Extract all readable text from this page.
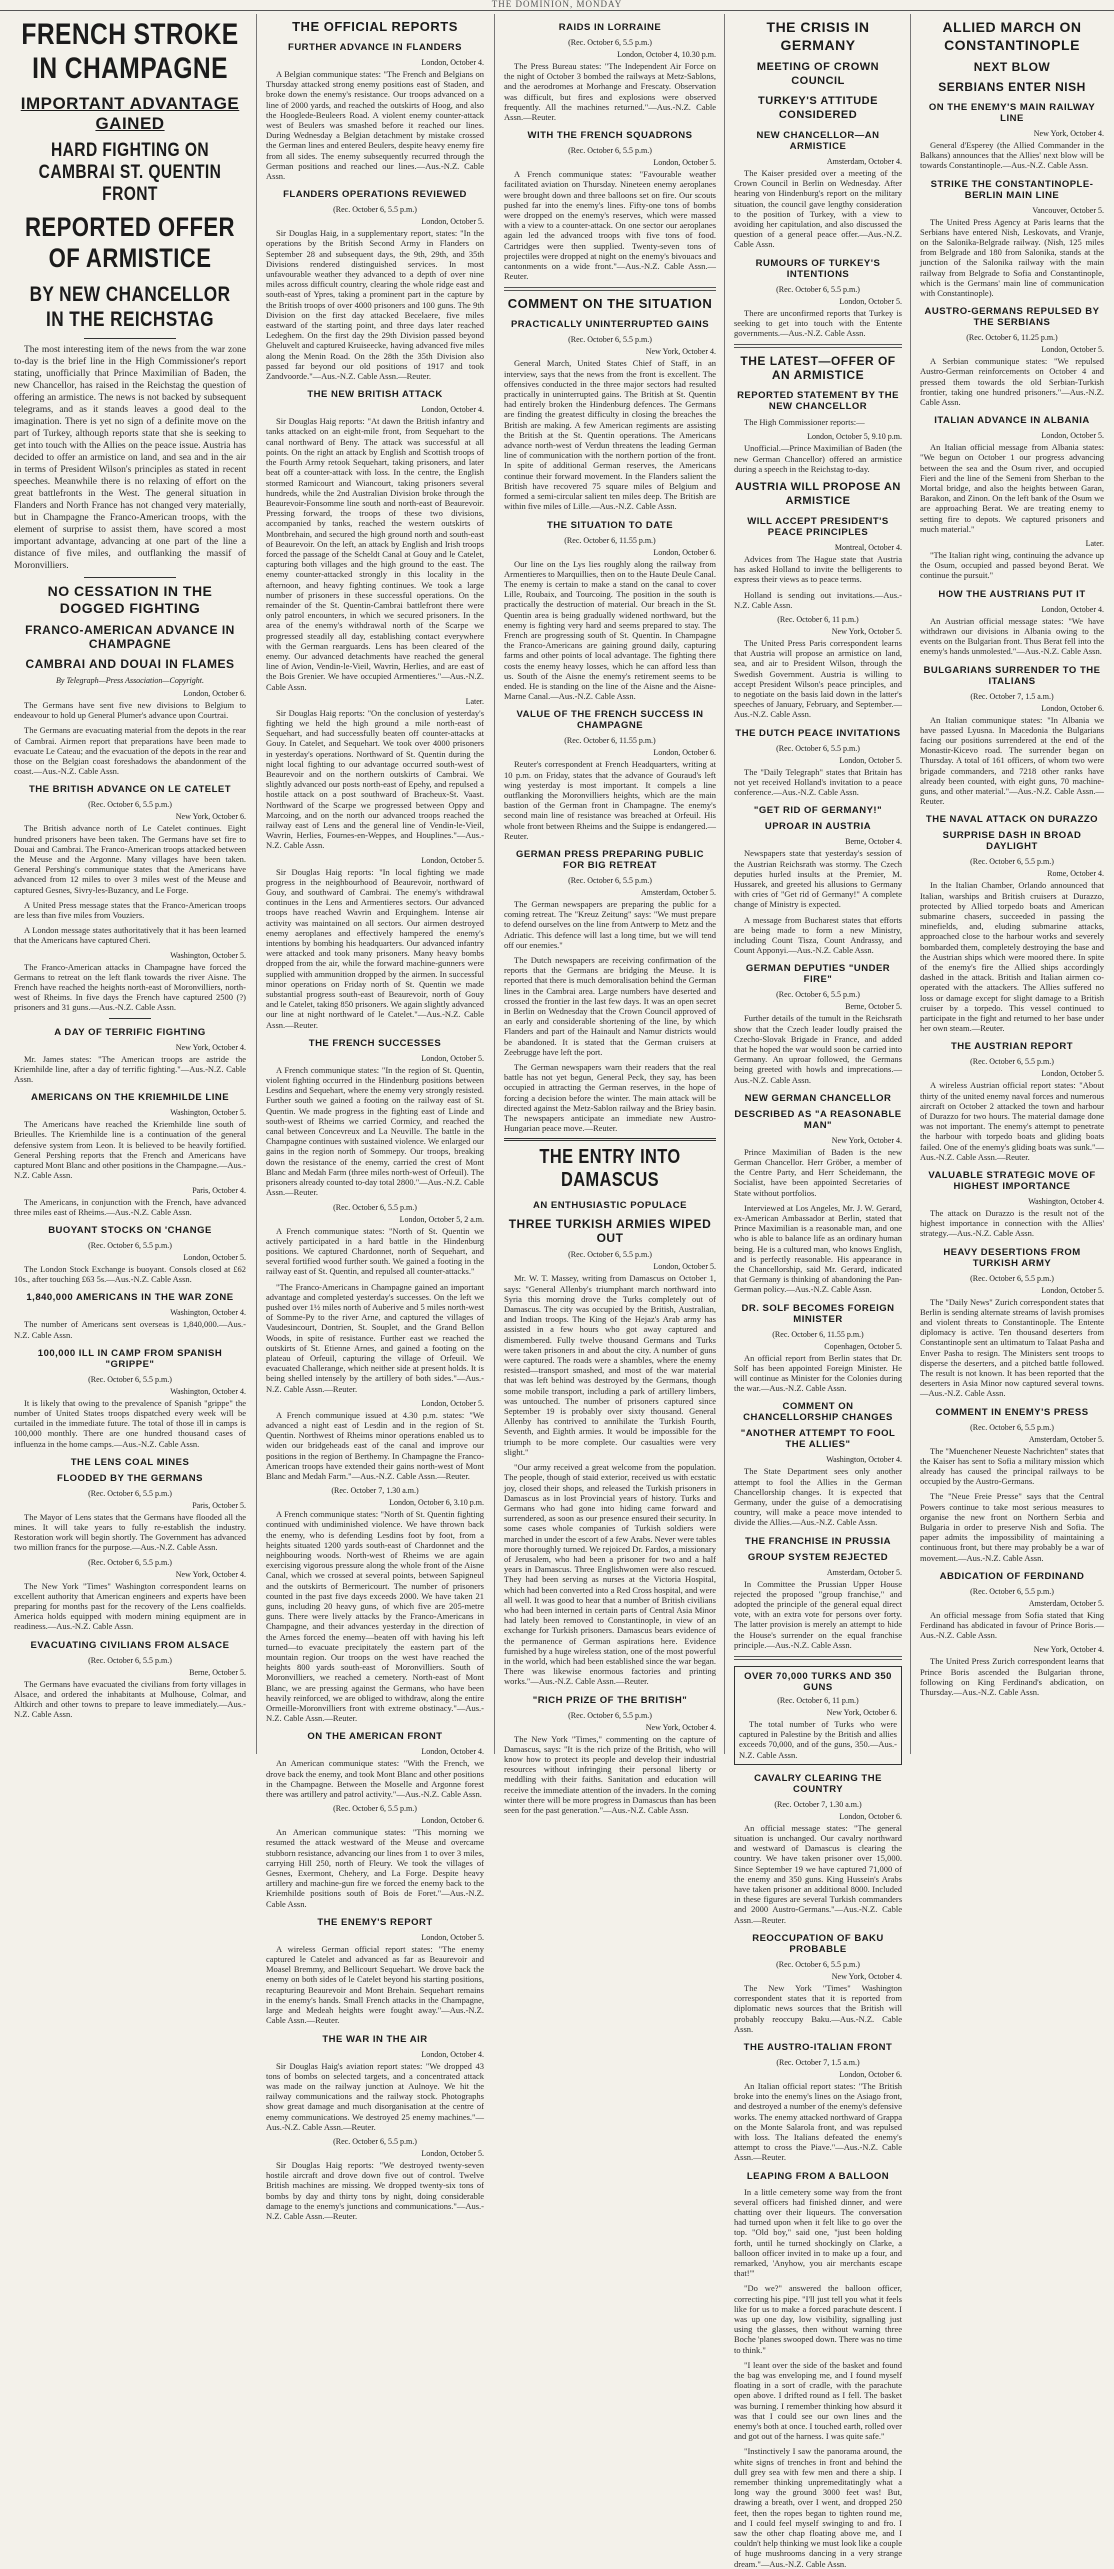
THE DOMINION, MONDAY
FRENCH STROKE IN CHAMPAGNE
IMPORTANT ADVANTAGE GAINED
HARD FIGHTING ON CAMBRAI ST. QUENTIN FRONT
REPORTED OFFER OF ARMISTICE
BY NEW CHANCELLOR IN THE REICHSTAG

The most interesting item of the news from the war zone to-day is the brief line in the High Commissioner's report stating, unofficially that Prince Maximilian of Baden, the new Chancellor, has raised in the Reichstag the question of offering an armistice. The news is not backed by subsequent telegrams, and as it stands leaves a good deal to the imagination. There is yet no sign of a definite move on the part of Turkey, although reports state that she is seeking to get into touch with the Allies on the peace issue. Austria has decided to offer an armistice on land, and sea and in the air in terms of President Wilson's principles as stated in recent speeches. Meanwhile there is no relaxing of effort on the great battlefronts in the West. The general situation in Flanders and North France has not changed very materially, but in Champagne the Franco-American troops, with the element of surprise to assist them, have scored a most important advantage, advancing at one part of the line a distance of five miles, and outflanking the massif of Moronvilliers.

NO CESSATION IN THE DOGGED FIGHTING
FRANCO-AMERICAN ADVANCE IN CHAMPAGNE
CAMBRAI AND DOUAI IN FLAMES
By Telegraph—Press Association—Copyright.
London, October 6.

The Germans have sent five new divisions to Belgium to endeavour to hold up General Plumer's advance upon Courtrai.

The Germans are evacuating material from the depots in the rear of Cambrai. Airmen report that preparations have been made to evacuate Le Cateau; and the evacuation of the depots in the rear and those on the Belgian coast foreshadows the abandonment of the coast.—Aus.-N.Z. Cable Assn.

THE BRITISH ADVANCE ON LE CATELET
(Rec. October 6, 5.5 p.m.)
New York, October 6.

The British advance north of Le Catelet continues. Eight hundred prisoners have been taken. The Germans have set fire to Douai and Cambrai. The Franco-American troops attacked between the Meuse and the Argonne. Many villages have been taken. General Pershing's communique states that the Americans have advanced from 12 miles to over 3 miles west of the Meuse and captured Gesnes, Sivry-les-Buzancy, and Le Forge.

A United Press message states that the Franco-American troops are less than five miles from Vouziers.

A London message states authoritatively that it has been learned that the Americans have captured Cheri.

Washington, October 5.

The Franco-American attacks in Champagne have forced the Germans to retreat on the left flank towards the river Aisne. The French have reached the heights north-east of Moronvilliers, north-west of Rheims. In five days the French have captured 2500 (?) prisoners and 31 guns.—Aus.-N.Z. Cable Assn.

A DAY OF TERRIFIC FIGHTING
New York, October 4.

Mr. James states: "The American troops are astride the Kriemhilde line, after a day of terrific fighting."—Aus.-N.Z. Cable Assn.

AMERICANS ON THE KRIEMHILDE LINE
Washington, October 5.

The Americans have reached the Kriemhilde line south of Brieulles. The Kriemhilde line is a continuation of the general defensive system from Leon. It is believed to be heavily fortified. General Pershing reports that the French and Americans have captured Mont Blanc and other positions in the Champagne.—Aus.-N.Z. Cable Assn.

Paris, October 4.

The Americans, in conjunction with the French, have advanced three miles east of Rheims.—Aus.-N.Z. Cable Assn.

BUOYANT STOCKS ON 'CHANGE
(Rec. October 6, 5.5 p.m.)
London, October 5.

The London Stock Exchange is buoyant. Consols closed at £62 10s., after touching £63 5s.—Aus.-N.Z. Cable Assn.

1,840,000 AMERICANS IN THE WAR ZONE
Washington, October 4.

The number of Americans sent overseas is 1,840,000.—Aus.-N.Z. Cable Assn.

100,000 ILL IN CAMP FROM SPANISH "GRIPPE"
(Rec. October 6, 5.5 p.m.)
Washington, October 4.

It is likely that owing to the prevalence of Spanish "grippe" the number of United States troops dispatched every week will be curtailed in the immediate future. The total of those ill in camps is 100,000 monthly. There are one hundred thousand cases of influenza in the home camps.—Aus.-N.Z. Cable Assn.

THE LENS COAL MINES
FLOODED BY THE GERMANS
(Rec. October 6, 5.5 p.m.)
Paris, October 5.

The Mayor of Lens states that the Germans have flooded all the mines. It will take years to fully re-establish the industry. Restoration work will begin shortly. The Government has advanced two million francs for the purpose.—Aus.-N.Z. Cable Assn.

(Rec. October 6, 5.5 p.m.)
New York, October 4.

The New York "Times" Washington correspondent learns on excellent authority that American engineers and experts have been preparing for months past for the recovery of the Lens coalfields. America holds equipped with modern mining equipment are in readiness.—Aus.-N.Z. Cable Assn.

EVACUATING CIVILIANS FROM ALSACE
(Rec. October 6, 5.5 p.m.)
Berne, October 5.

The Germans have evacuated the civilians from forty villages in Alsace, and ordered the inhabitants at Mulhouse, Colmar, and Altkirch and other towns to prepare to leave immediately.—Aus.-N.Z. Cable Assn.

THE OFFICIAL REPORTS
FURTHER ADVANCE IN FLANDERS
London, October 4.

A Belgian communique states: "The French and Belgians on Thursday attacked strong enemy positions east of Staden, and broke down the enemy's resistance. Our troops advanced on a line of 2000 yards, and reached the outskirts of Hoog, and also the Hooglede-Beuleers Road. A violent enemy counter-attack west of Beulers was smashed before it reached our lines. During Wednesday a Belgian detachment by mistake crossed the German lines and entered Beulers, despite heavy enemy fire from all sides. The enemy subsequently recurred through the German positions and reached our lines.—Aus.-N.Z. Cable Assn.

FLANDERS OPERATIONS REVIEWED
(Rec. October 6, 5.5 p.m.)
London, October 5.

Sir Douglas Haig, in a supplementary report, states: "In the operations by the British Second Army in Flanders on September 28 and subsequent days, the 9th, 29th, and 35th Divisions rendered distinguished services. In most unfavourable weather they advanced to a depth of over nine miles across difficult country, clearing the whole ridge east and south-east of Ypres, taking a prominent part in the capture by the British troops of over 4000 prisoners and 100 guns. The 9th Division on the first day attacked Becelaere, five miles eastward of the starting point, and three days later reached Ledeghem. On the first day the 29th Division passed beyond Gheluvelt and captured Kruiseecke, having advanced five miles along the Menin Road. On the 28th the 35th Division also passed far beyond our old positions of 1917 and took Zandvoorde."—Aus.-N.Z. Cable Assn.—Reuter.

THE NEW BRITISH ATTACK
London, October 4.

Sir Douglas Haig reports: "At dawn the British infantry and tanks attacked on an eight-mile front, from Sequehart to the canal northward of Beny. The attack was successful at all points. On the right an attack by English and Scottish troops of the Fourth Army retook Sequehart, taking prisoners, and later beat off a counter-attack with loss. In the centre, the English stormed Ramicourt and Wiancourt, taking prisoners several hundreds, while the 2nd Australian Division broke through the Beaurevoir-Fonsomme line south and north-east of Beaurevoir. Pressing forward, the troops of these two divisions, accompanied by tanks, reached the western outskirts of Montbrehain, and secured the high ground north and south-east of Beaurevoir. On the left, an attack by English and Irish troops forced the passage of the Scheldt Canal at Gouy and le Catelet, capturing both villages and the high ground to the east. The enemy counter-attacked strongly in this locality in the afternoon, and heavy fighting continues. We took a large number of prisoners in these successful operations. On the remainder of the St. Quentin-Cambrai battlefront there were only patrol encounters, in which we secured prisoners. In the area of the enemy's withdrawal north of the Scarpe we progressed steadily all day, establishing contact everywhere with the German rearguards. Lens has been cleared of the enemy. Our advanced detachments have reached the general line of Avion, Vendin-le-Vieil, Wavrin, Herlies, and are east of the Bois Grenier. We have occupied Armentieres."—Aus.-N.Z. Cable Assn.

Later.

Sir Douglas Haig reports: "On the conclusion of yesterday's fighting we held the high ground a mile north-east of Sequehart, and had successfully beaten off counter-attacks at Gouy. In Catelet, and Sequehart. We took over 4000 prisoners in yesterday's operations. Northward of St. Quentin during the night local fighting to our advantage occurred south-west of Beaurevoir and on the northern outskirts of Cambrai. We slightly advanced our posts north-east of Epehy, and repulsed a hostile attack on a post southward of Bracheux-St. Vaast. Northward of the Scarpe we progressed between Oppy and Marcoing, and on the north our advanced troops reached the railway east of Lens and the general line of Vendin-le-Vieil, Wavrin, Herlies, Fournes-en-Weppes, and Houplines."—Aus.-N.Z. Cable Assn.

London, October 5.

Sir Douglas Haig reports: "In local fighting we made progress in the neighbourhood of Beaurevoir, northward of Gouy, and southward of Cambrai. The enemy's withdrawal continues in the Lens and Armentieres sectors. Our advanced troops have reached Wavrin and Erquinghem. Intense air activity was maintained on all sectors. Our airmen destroyed enemy aeroplanes and effectively hampered the enemy's intentions by bombing his headquarters. Our advanced infantry were attacked and took many prisoners. Many heavy bombs dropped from the air, while the forward machine-gunners were supplied with ammunition dropped by the airmen. In successful minor operations on Friday north of St. Quentin we made substantial progress south-east of Beaurevoir, north of Gouy and le Catelet, taking 850 prisoners. We again slightly advanced our line at night northward of le Catelet."—Aus.-N.Z. Cable Assn.—Reuter.

THE FRENCH SUCCESSES
London, October 5.

A French communique states: "In the region of St. Quentin, violent fighting occurred in the Hindenburg positions between Lesdins and Sequehart, where the enemy very strongly resisted. Further south we gained a footing on the railway east of St. Quentin. We made progress in the fighting east of Linde and south-west of Rheims we carried Cormicy, and reached the canal between Concevreux and La Neuville. The battle in the Champagne continues with sustained violence. We enlarged our gains in the region north of Sommepy. Our troops, breaking down the resistance of the enemy, carried the crest of Mont Blanc and Medah Farm (three miles north-west of Orfeuil). The prisoners already counted to-day total 2800."—Aus.-N.Z. Cable Assn.—Reuter.

(Rec. October 6, 5.5 p.m.)
London, October 5, 2 a.m.

A French communique states: "North of St. Quentin we actively participated in a hard battle in the Hindenburg positions. We captured Chardonnet, north of Sequehart, and several fortified wood further south. We gained a footing in the railway east of St. Quentin, and repulsed all counter-attacks."

"The Franco-Americans in Champagne gained an important advantage and completed yesterday's successes. On the left we pushed over 1½ miles north of Auberive and 5 miles north-west of Somme-Py to the river Arne, and captured the villages of Vaudesincourt, Dontrien, St. Souplet, and the Grand Bellon Woods, in spite of resistance. Further east we reached the outskirts of St. Etienne Arnes, and gained a footing on the plateau of Orfeuil, capturing the village of Orfeuil. We evacuated Challerange, which neither side at present holds. It is being shelled intensely by the artillery of both sides."—Aus.-N.Z. Cable Assn.—Reuter.

London, October 5.

A French communique issued at 4.30 p.m. states: "We advanced a night east of Lesdin and in the region of St. Quentin. Northwest of Rheims minor operations enabled us to widen our bridgeheads east of the canal and improve our positions in the region of Berthemy. In Champagne the Franco-American troops have extended their gains north-west of Mont Blanc and Medah Farm."—Aus.-N.Z. Cable Assn.—Reuter.

(Rec. October 7, 1.30 a.m.)
London, October 6, 3.10 p.m.

A French communique states: "North of St. Quentin fighting continued with undiminished violence. We have thrown back the enemy, who is defending Lesdins foot by foot, from a heights situated 1200 yards south-east of Chardonnet and the neighbouring woods. North-west of Rheims we are again exercising vigorous pressure along the whole front of the Aisne Canal, which we crossed at several points, between Sapigneul and the outskirts of Bermericourt. The number of prisoners counted in the past five days exceeds 2000. We have taken 21 guns, including 20 heavy guns, of which five are 205-metre guns. There were lively attacks by the Franco-Americans in Champagne, and their advances yesterday in the direction of the Arnes forced the enemy—beaten off with having his left turned—to evacuate precipitately the eastern part of the mountain region. Our troops on the west have reached the heights 800 yards south-east of Moronvilliers. South of Moronvilliers, we reached a cemetery. North-east of Mont Blanc, we are pressing against the Germans, who have been heavily reinforced, we are obliged to withdraw, along the entire Ormeille-Moronvilliers front with extreme obstinacy."—Aus.-N.Z. Cable Assn.—Reuter.

ON THE AMERICAN FRONT
London, October 4.

An American communique states: "With the French, we drove back the enemy, and took Mont Blanc and other positions in the Champagne. Between the Moselle and Argonne forest there was artillery and patrol activity."—Aus.-N.Z. Cable Assn.

(Rec. October 6, 5.5 p.m.)
London, October 6.

An American communique states: "This morning we resumed the attack westward of the Meuse and overcame stubborn resistance, advancing our lines from 1 to over 3 miles, carrying Hill 250, north of Fleury. We took the villages of Gesnes, Exermont, Chehery, and La Forge. Despite heavy artillery and machine-gun fire we forced the enemy back to the Kriemhilde positions south of Bois de Foret."—Aus.-N.Z. Cable Assn.

THE ENEMY'S REPORT
London, October 5.

A wireless German official report states: "The enemy captured le Catelet and advanced as far as Beaurevoir and Moasel Bremmy, and Bellicourt Sequehart. We drove back the enemy on both sides of le Catelet beyond his starting positions, recapturing Beaurevoir and Mont Brehain. Sequehart remains in the enemy's hands. Small French attacks in the Champagne, large and Medeah heights were fought away."—Aus.-N.Z. Cable Assn.—Reuter.

THE WAR IN THE AIR
London, October 4.

Sir Douglas Haig's aviation report states: "We dropped 43 tons of bombs on selected targets, and a concentrated attack was made on the railway junction at Aulnoye. We hit the railway communications and the railway stock. Photographs show great damage and much disorganisation at the centre of enemy communications. We destroyed 25 enemy machines."—Aus.-N.Z. Cable Assn.—Reuter.

(Rec. October 6, 5.5 p.m.)
London, October 5.

Sir Douglas Haig reports: "We destroyed twenty-seven hostile aircraft and drove down five out of control. Twelve British machines are missing. We dropped twenty-six tons of bombs by day and thirty tons by night, doing considerable damage to the enemy's junctions and communications."—Aus.-N.Z. Cable Assn.—Reuter.

RAIDS IN LORRAINE
(Rec. October 6, 5.5 p.m.)
London, October 4, 10.30 p.m.

The Press Bureau states: "The Independent Air Force on the night of October 3 bombed the railways at Metz-Sablons, and the aerodromes at Morhange and Frescaty. Observation was difficult, but fires and explosions were observed frequently. All the machines returned."—Aus.-N.Z. Cable Assn.—Reuter.

WITH THE FRENCH SQUADRONS
(Rec. October 6, 5.5 p.m.)
London, October 5.

A French communique states: "Favourable weather facilitated aviation on Thursday. Nineteen enemy aeroplanes were brought down and three balloons set on fire. Our scouts pushed far into the enemy's lines. Fifty-one tons of bombs were dropped on the enemy's reserves, which were massed with a view to a counter-attack. On one sector our aeroplanes again led the advanced troops with five tons of food. Cartridges were then supplied. Twenty-seven tons of projectiles were dropped at night on the enemy's bivouacs and cantonments on a wide front."—Aus.-N.Z. Cable Assn.—Reuter.

COMMENT ON THE SITUATION
PRACTICALLY UNINTERRUPTED GAINS
(Rec. October 6, 5.5 p.m.)
New York, October 4.

General March, United States Chief of Staff, in an interview, says that the news from the front is excellent. The offensives conducted in the three major sectors had resulted practically in uninterrupted gains. The British at St. Quentin had entirely broken the Hindenburg defences. The Germans are finding the greatest difficulty in closing the breaches the British are making. A few American regiments are assisting the British at the St. Quentin operations. The Americans advance north-west of Verdun threatens the leading German line of communication with the northern portion of the front. In spite of additional German reserves, the Americans continue their forward movement. In the Flanders salient the British have recovered 75 square miles of Belgium and formed a semi-circular salient ten miles deep. The British are within five miles of Lille.—Aus.-N.Z. Cable Assn.

THE SITUATION TO DATE
(Rec. October 6, 11.55 p.m.)
London, October 6.

Our line on the Lys lies roughly along the railway from Armentieres to Marquillies, then on to the Haute Deule Canal. The enemy is certain to make a stand on the canal to cover Lille, Roubaix, and Tourcoing. The position in the south is practically the destruction of material. Our breach in the St. Quentin area is being gradually widened northward, but the enemy is fighting very hard and seems prepared to stay. The French are progressing south of St. Quentin. In Champagne the Franco-Americans are gaining ground daily, capturing farms and other points of local advantage. The fighting there costs the enemy heavy losses, which he can afford less than us. South of the Aisne the enemy's retirement seems to be ended. He is standing on the line of the Aisne and the Aisne-Marne Canal.—Aus.-N.Z. Cable Assn.

VALUE OF THE FRENCH SUCCESS IN CHAMPAGNE
(Rec. October 6, 11.55 p.m.)
London, October 6.

Reuter's correspondent at French Headquarters, writing at 10 p.m. on Friday, states that the advance of Gouraud's left wing yesterday is most important. It compels a line outflanking the Moronvilliers heights, which are the main bastion of the German front in Champagne. The enemy's second main line of resistance was breached at Orfeuil. His whole front between Rheims and the Suippe is endangered.—Reuter.

GERMAN PRESS PREPARING PUBLIC FOR BIG RETREAT
(Rec. October 6, 5.5 p.m.)
Amsterdam, October 5.

The German newspapers are preparing the public for a coming retreat. The "Kreuz Zeitung" says: "We must prepare to defend ourselves on the line from Antwerp to Metz and the Adriatic. This defence will last a long time, but we will tend off our enemies."

The Dutch newspapers are receiving confirmation of the reports that the Germans are bridging the Meuse. It is reported that there is much demoralisation behind the German lines in the Cambrai area. Large numbers have deserted and crossed the frontier in the last few days. It was an open secret in Berlin on Wednesday that the Crown Council approved of an early and considerable shortening of the line, by which Flanders and part of the Hainault and Namur districts would be abandoned. It is stated that the German cruisers at Zeebrugge have left the port.

The German newspapers warn their readers that the real battle has not yet begun, General Peck, they say, has been occupied in attracting the German reserves, in the hope of forcing a decision before the winter. The main attack will be directed against the Metz-Sablon railway and the Briey basin. The newspapers anticipate an immediate new Austro-Hungarian peace move.—Reuter.

THE ENTRY INTO DAMASCUS
AN ENTHUSIASTIC POPULACE
THREE TURKISH ARMIES WIPED OUT
(Rec. October 6, 5.5 p.m.)
London, October 5.

Mr. W. T. Massey, writing from Damascus on October 1, says: "General Allenby's triumphant march northward into Syria this morning drove the Turks completely out of Damascus. The city was occupied by the British, Australian, and Indian troops. The King of the Hejaz's Arab army has assisted in a few hours who got away captured and dismembered. Fully twelve thousand Germans and Turks were taken prisoners in and about the city. A number of guns were captured. The roads were a shambles, where the enemy resisted—transport smashed, and most of the war material that was left behind was destroyed by the Germans, though some mobile transport, including a park of artillery limbers, was untouched. The number of prisoners captured since September 19 is probably over sixty thousand. General Allenby has contrived to annihilate the Turkish Fourth, Seventh, and Eighth armies. It would be impossible for the triumph to be more complete. Our casualties were very slight."

"Our army received a great welcome from the population. The people, though of staid exterior, received us with ecstatic joy, closed their shops, and released the Turkish prisoners in Damascus as in lost Provincial years of history. Turks and Germans who had gone into hiding came forward and surrendered, as soon as our presence ensured their security. In some cases whole companies of Turkish soldiers were marched in under the escort of a few Arabs. Never were tables more thoroughly turned. We rejoiced Dr. Fardos, a missionary of Jerusalem, who had been a prisoner for two and a half years in Damascus. Three Englishwomen were also rescued. They had been serving as nurses at the Victoria Hospital, which had been converted into a Red Cross hospital, and were all well. It was good to hear that a number of British civilians who had been interned in certain parts of Central Asia Minor had lately been removed to Constantinople, in view of an exchange for Turkish prisoners. Damascus bears evidence of the permanence of German aspirations here. Evidence furnished by a huge wireless station, one of the most powerful in the world, which had been established since the war began. There was likewise enormous factories and printing works."—Aus.-N.Z. Cable Assn.—Reuter.

"RICH PRIZE OF THE BRITISH"
(Rec. October 6, 5.5 p.m.)
New York, October 4.

The New York "Times," commenting on the capture of Damascus, says: "It is the rich prize of the British, who will know how to protect its people and develop their industrial resources without infringing their personal liberty or meddling with their faiths. Sanitation and education will receive the immediate attention of the invaders. In the coming winter there will be more progress in Damascus than has been seen for the past generation."—Aus.-N.Z. Cable Assn.

THE CRISIS IN GERMANY
MEETING OF CROWN COUNCIL
TURKEY'S ATTITUDE CONSIDERED
NEW CHANCELLOR—AN ARMISTICE
Amsterdam, October 4.

The Kaiser presided over a meeting of the Crown Council in Berlin on Wednesday. After hearing von Hindenburg's report on the military situation, the council gave lengthy consideration to the position of Turkey, with a view to avoiding her capitulation, and also discussed the question of a general peace offer.—Aus.-N.Z. Cable Assn.

RUMOURS OF TURKEY'S INTENTIONS
(Rec. October 6, 5.5 p.m.)
London, October 5.

There are unconfirmed reports that Turkey is seeking to get into touch with the Entente governments.—Aus.-N.Z. Cable Assn.

THE LATEST—OFFER OF AN ARMISTICE
REPORTED STATEMENT BY THE NEW CHANCELLOR

The High Commissioner reports:—

London, October 5, 9.10 p.m.

Unofficial.—Prince Maximilian of Baden (the new German Chancellor) offered an armistice during a speech in the Reichstag to-day.

AUSTRIA WILL PROPOSE AN ARMISTICE
WILL ACCEPT PRESIDENT'S PEACE PRINCIPLES
Montreal, October 4.

Advices from The Hague state that Austria has asked Holland to invite the belligerents to express their views as to peace terms.

Holland is sending out invitations.—Aus.-N.Z. Cable Assn.

(Rec. October 6, 11 p.m.)
New York, October 5.

The United Press Paris correspondent learns that Austria will propose an armistice on land, sea, and air to President Wilson, through the Swedish Government. Austria is willing to accept President Wilson's peace principles, and to negotiate on the basis laid down in the latter's speeches of January, February, and September.—Aus.-N.Z. Cable Assn.

THE DUTCH PEACE INVITATIONS
(Rec. October 6, 5.5 p.m.)
London, October 5.

The "Daily Telegraph" states that Britain has not yet received Holland's invitation to a peace conference.—Aus.-N.Z. Cable Assn.

"GET RID OF GERMANY!"
UPROAR IN AUSTRIA
Berne, October 4.

Newspapers state that yesterday's session of the Austrian Reichsrath was stormy. The Czech deputies hurled insults at the Premier, M. Hussarek, and greeted his allusions to Germany with cries of "Get rid of Germany!" A complete change of Ministry is expected.

A message from Bucharest states that efforts are being made to form a new Ministry, including Count Tisza, Count Andrassy, and Count Apponyi.—Aus.-N.Z. Cable Assn.

GERMAN DEPUTIES "UNDER FIRE"
(Rec. October 6, 5.5 p.m.)
Berne, October 5.

Further details of the tumult in the Reichsrath show that the Czech leader loudly praised the Czecho-Slovak Brigade in France, and added that he hoped the war would soon be carried into Germany. An uproar followed, the Germans being greeted with howls and imprecations.—Aus.-N.Z. Cable Assn.

NEW GERMAN CHANCELLOR
DESCRIBED AS "A REASONABLE MAN"
New York, October 4.

Prince Maximilian of Baden is the new German Chancellor. Herr Gröber, a member of the Centre Party, and Herr Scheidemann, the Socialist, have been appointed Secretaries of State without portfolios.

Interviewed at Los Angeles, Mr. J. W. Gerard, ex-American Ambassador at Berlin, stated that Prince Maximilian is a reasonable man, and one who is able to balance life as an ordinary human being. He is a cultured man, who knows English, and is perfectly reasonable. His appearance in the Chancellorship, said Mr. Gerard, indicated that Germany is thinking of abandoning the Pan-German policy.—Aus.-N.Z. Cable Assn.

DR. SOLF BECOMES FOREIGN MINISTER
(Rec. October 6, 11.55 p.m.)
Copenhagen, October 5.

An official report from Berlin states that Dr. Solf has been appointed Foreign Minister. He will continue as Minister for the Colonies during the war.—Aus.-N.Z. Cable Assn.

COMMENT ON CHANCELLORSHIP CHANGES
"ANOTHER ATTEMPT TO FOOL THE ALLIES"
Washington, October 4.

The State Department sees only another attempt to fool the Allies in the German Chancellorship changes. It is expected that Germany, under the guise of a democratising country, will make a peace move intended to divide the Allies.—Aus.-N.Z. Cable Assn.

THE FRANCHISE IN PRUSSIA
GROUP SYSTEM REJECTED
Amsterdam, October 5.

In Committee the Prussian Upper House rejected the proposed "group franchise," and adopted the principle of the general equal direct vote, with an extra vote for persons over forty. The latter provision is merely an attempt to hide the House's surrender on the equal franchise principle.—Aus.-N.Z. Cable Assn.

OVER 70,000 TURKS AND 350 GUNS
(Rec. October 6, 11 p.m.)
New York, October 6.

The total number of Turks who were captured in Palestine by the British and allies exceeds 70,000, and of the guns, 350.—Aus.-N.Z. Cable Assn.

CAVALRY CLEARING THE COUNTRY
(Rec. October 7, 1.30 a.m.)
London, October 6.

An official message states: "The general situation is unchanged. Our cavalry northward and westward of Damascus is clearing the country. We have taken prisoner over 15,000. Since September 19 we have captured 71,000 of the enemy and 350 guns. King Hussein's Arabs have taken prisoner an additional 8000. Included in these figures are several Turkish commanders and 2000 Austro-Germans."—Aus.-N.Z. Cable Assn.—Reuter.

REOCCUPATION OF BAKU PROBABLE
(Rec. October 6, 5.5 p.m.)
New York, October 4.

The New York "Times" Washington correspondent states that it is reported from diplomatic news sources that the British will probably reoccupy Baku.—Aus.-N.Z. Cable Assn.

THE AUSTRO-ITALIAN FRONT
(Rec. October 7, 1.5 a.m.)
London, October 6.

An Italian official report states: "The British broke into the enemy's lines on the Asiago front, and destroyed a number of the enemy's defensive works. The enemy attacked northward of Grappa on the Monte Salarola front, and was repulsed with loss. The Italians defeated the enemy's attempt to cross the Piave."—Aus.-N.Z. Cable Assn.—Reuter.

LEAPING FROM A BALLOON

In a little cemetery some way from the front several officers had finished dinner, and were chatting over their liqueurs. The conversation had turned upon when it felt like to go over the top. "Old boy," said one, "just been holding forth, until he turned shockingly on Clarke, a balloon officer invited in to make up a four, and remarked, 'Anyhow, you air merchants escape that!'"

"Do we?" answered the balloon officer, correcting his pipe. "I'll just tell you what it feels like for us to make a forced parachute descent. I was up one day, low visibility, signalling just using the glasses, then without warning three Boche 'planes swooped down. There was no time to think."

"I leant over the side of the basket and found the bag was enveloping me, and I found myself floating in a sort of cradle, with the parachute open above. I drifted round as I fell. The basket was burning. I remember thinking how absurd it was that I could see our own lines and the enemy's both at once. I touched earth, rolled over and got out of the harness. I was quite safe."

"Instinctively I saw the panorama around, the white signs of trenches in front and behind the dull grey sea with few men and there a ship. I remember thinking unpremeditatingly what a long way the ground 3000 feet was! But, drawing a breath, over I went, and dropped 250 feet, then the ropes began to tighten round me, and I could feel myself swinging to and fro. I saw the other chap floating above me, and I couldn't help thinking we must look like a couple of huge mushrooms dancing in a very strange dream."—Aus.-N.Z. Cable Assn.

ALLIED MARCH ON CONSTANTINOPLE
NEXT BLOW
SERBIANS ENTER NISH
ON THE ENEMY'S MAIN RAILWAY LINE
New York, October 4.

General d'Esperey (the Allied Commander in the Balkans) announces that the Allies' next blow will be towards Constantinople.—Aus.-N.Z. Cable Assn.

STRIKE THE CONSTANTINOPLE-BERLIN MAIN LINE
Vancouver, October 5.

The United Press Agency at Paris learns that the Serbians have entered Nish, Leskovats, and Vranje, on the Salonika-Belgrade railway. (Nish, 125 miles from Belgrade and 180 from Salonika, stands at the junction of the Salonika railway with the main railway from Belgrade to Sofia and Constantinople, which is the Germans' main line of communication with Constantinople).

AUSTRO-GERMANS REPULSED BY THE SERBIANS
(Rec. October 6, 11.25 p.m.)
London, October 5.

A Serbian communique states: "We repulsed Austro-German reinforcements on October 4 and pressed them towards the old Serbian-Turkish frontier, taking one hundred prisoners."—Aus.-N.Z. Cable Assn.

ITALIAN ADVANCE IN ALBANIA
London, October 5.

An Italian official message from Albania states: "We begun on October 1 our progress advancing between the sea and the Osum river, and occupied Fieri and the line of the Semeni from Sherban to the Mortal bridge, and also the heights between Garan, Barakon, and Zinon. On the left bank of the Osum we are approaching Berat. We are treating enemy to setting fire to depots. We captured prisoners and much material."

Later.

"The Italian right wing, continuing the advance up the Osum, occupied and passed beyond Berat. We continue the pursuit."

HOW THE AUSTRIANS PUT IT
London, October 4.

An Austrian official message states: "We have withdrawn our divisions in Albania owing to the events on the Bulgarian front. Thus Berat fell into the enemy's hands unmolested."—Aus.-N.Z. Cable Assn.

BULGARIANS SURRENDER TO THE ITALIANS
(Rec. October 7, 1.5 a.m.)
London, October 6.

An Italian communique states: "In Albania we have passed Lyusna. In Macedonia the Bulgarians facing our positions surrendered at the end of the Monastir-Kicevo road. The surrender began on Thursday. A total of 161 officers, of whom two were brigade commanders, and 7218 other ranks have already been counted, with eight guns, 70 machine-guns, and other material."—Aus.-N.Z. Cable Assn.—Reuter.

THE NAVAL ATTACK ON DURAZZO
SURPRISE DASH IN BROAD DAYLIGHT
(Rec. October 6, 5.5 p.m.)
Rome, October 4.

In the Italian Chamber, Orlando announced that Italian, warships and British cruisers at Durazzo, protected by Allied torpedo boats and American submarine chasers, succeeded in passing the minefields, and, eluding submarine attacks, approached close to the harbour works and severely bombarded them, completely destroying the base and the Austrian ships which were moored there. In spite of the enemy's fire the Allied ships accordingly dashed in the attack. British and Italian airmen co-operated with the attackers. The Allies suffered no loss or damage except for slight damage to a British cruiser by a torpedo. This vessel continued to participate in the fight and returned to her base under her own steam.—Reuter.

THE AUSTRIAN REPORT
(Rec. October 6, 5.5 p.m.)
London, October 5.

A wireless Austrian official report states: "About thirty of the united enemy naval forces and numerous aircraft on October 2 attacked the town and harbour of Durazzo for two hours. The material damage done was not important. The enemy's attempt to penetrate the harbour with torpedo boats and gliding boats failed. One of the enemy's gliding boats was sunk."—Aus.-N.Z. Cable Assn.—Reuter.

VALUABLE STRATEGIC MOVE OF HIGHEST IMPORTANCE
Washington, October 4.

The attack on Durazzo is the result not of the highest importance in connection with the Allies' strategy.—Aus.-N.Z. Cable Assn.

HEAVY DESERTIONS FROM TURKISH ARMY
(Rec. October 6, 5.5 p.m.)
London, October 5.

The "Daily News" Zurich correspondent states that Berlin is sending alternate streams of lavish promises and violent threats to Constantinople. The Entente diplomacy is active. Ten thousand deserters from Constantinople sent an ultimatum to Talaat Pasha and Enver Pasha to resign. The Ministers sent troops to disperse the deserters, and a pitched battle followed. The result is not known. It has been reported that the deserters in Asia Minor now captured several towns.—Aus.-N.Z. Cable Assn.

COMMENT IN ENEMY'S PRESS
(Rec. October 6, 5.5 p.m.)
Amsterdam, October 5.

The "Muenchener Neueste Nachrichten" states that the Kaiser has sent to Sofia a military mission which already has caused the principal railways to be occupied by the Austro-Germans.

The "Neue Freie Presse" says that the Central Powers continue to take most serious measures to organise the new front on Northern Serbia and Bulgaria in order to preserve Nish and Sofia. The paper admits the impossibility of maintaining a continuous front, but there may probably be a war of movement.—Aus.-N.Z. Cable Assn.

ABDICATION OF FERDINAND
(Rec. October 6, 5.5 p.m.)
Amsterdam, October 5.

An official message from Sofia stated that King Ferdinand has abdicated in favour of Prince Boris.—Aus.-N.Z. Cable Assn.

New York, October 4.

The United Press Zurich correspondent learns that Prince Boris ascended the Bulgarian throne, following on King Ferdinand's abdication, on Thursday.—Aus.-N.Z. Cable Assn.
